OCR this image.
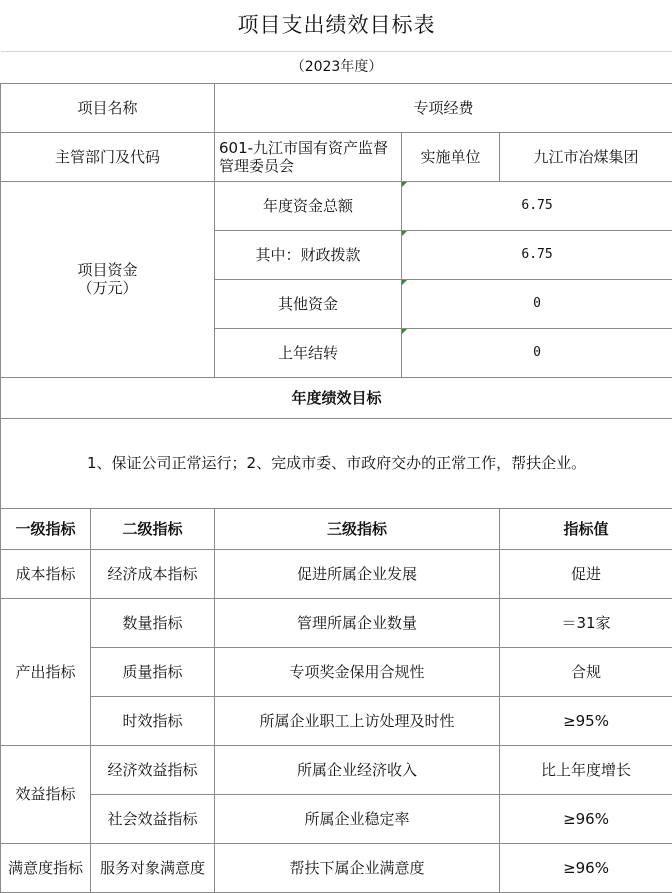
项目支出绩效目标表				
（2023年度）				
项目名称		专项经费		
主管部门及代码		601-九江市国有资产监督管理委员会	实施单位	九江市冶煤集团
项目资金
（万元）		年度资金总额	6.75	
		其中：财政拨款	6.75	
		其他资金	0	
		上年结转	0	
年度绩效目标				
1、保证公司正常运行；2、完成市委、市政府交办的正常工作，帮扶企业。				
一级指标	二级指标	三级指标		指标值
成本指标	经济成本指标	促进所属企业发展		促进
产出指标	数量指标	管理所属企业数量		＝31家
	质量指标	专项奖金保用合规性		合规
	时效指标	所属企业职工上访处理及时性		≥95%
效益指标	经济效益指标	所属企业经济收入		比上年度增长
	社会效益指标	所属企业稳定率		≥96%
满意度指标	服务对象满意度	帮扶下属企业满意度		≥96%
